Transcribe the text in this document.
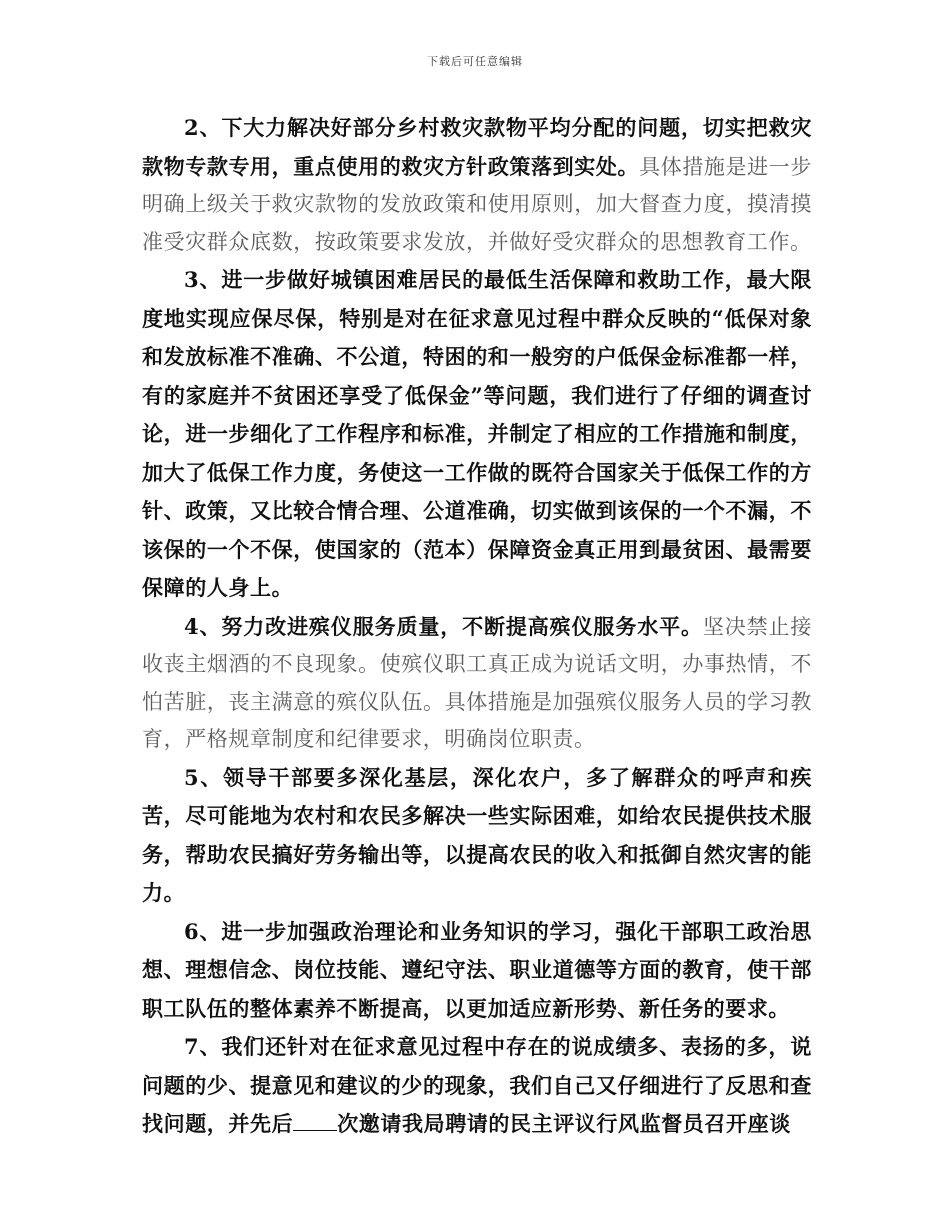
下载后可任意编辑

2、下大力解决好部分乡村救灾款物平均分配的问题，切实把救灾款物专款专用，重点使用的救灾方针政策落到实处。具体措施是进一步明确上级关于救灾款物的发放政策和使用原则，加大督查力度，摸清摸准受灾群众底数，按政策要求发放，并做好受灾群众的思想教育工作。

3、进一步做好城镇困难居民的最低生活保障和救助工作，最大限度地实现应保尽保，特别是对在征求意见过程中群众反映的“低保对象和发放标准不准确、不公道，特困的和一般穷的户低保金标准都一样，有的家庭并不贫困还享受了低保金”等问题，我们进行了仔细的调查讨论，进一步细化了工作程序和标准，并制定了相应的工作措施和制度，加大了低保工作力度，务使这一工作做的既符合国家关于低保工作的方针、政策，又比较合情合理、公道准确，切实做到该保的一个不漏，不该保的一个不保，使国家的（范本）保障资金真正用到最贫困、最需要保障的人身上。

4、努力改进殡仪服务质量，不断提高殡仪服务水平。坚决禁止接收丧主烟酒的不良现象。使殡仪职工真正成为说话文明，办事热情，不怕苦脏，丧主满意的殡仪队伍。具体措施是加强殡仪服务人员的学习教育，严格规章制度和纪律要求，明确岗位职责。

5、领导干部要多深化基层，深化农户，多了解群众的呼声和疾苦，尽可能地为农村和农民多解决一些实际困难，如给农民提供技术服务，帮助农民搞好劳务输出等，以提高农民的收入和抵御自然灾害的能力。

6、进一步加强政治理论和业务知识的学习，强化干部职工政治思想、理想信念、岗位技能、遵纪守法、职业道德等方面的教育，使干部职工队伍的整体素养不断提高，以更加适应新形势、新任务的要求。

7、我们还针对在征求意见过程中存在的说成绩多、表扬的多，说问题的少、提意见和建议的少的现象，我们自己又仔细进行了反思和查找问题，并先后 次邀请我局聘请的民主评议行风监督员召开座谈
